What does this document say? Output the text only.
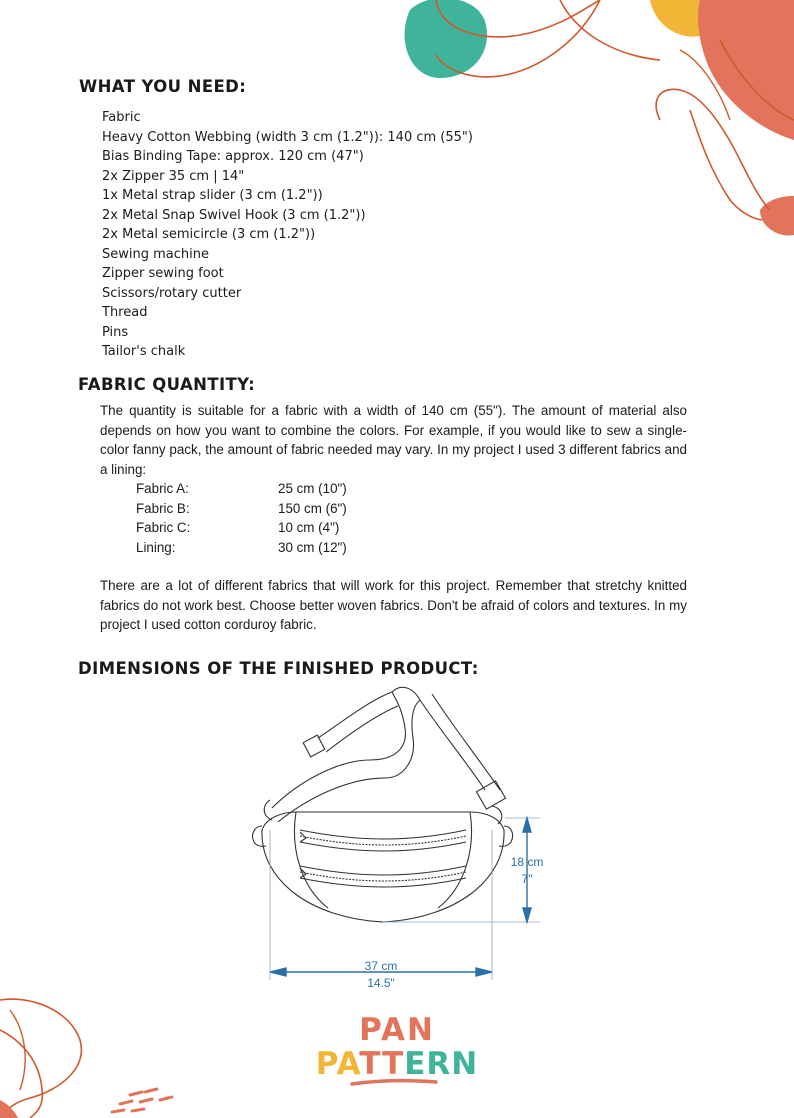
WHAT YOU NEED:
Fabric
Heavy Cotton Webbing (width 3 cm (1.2")): 140 cm (55")
Bias Binding Tape: approx. 120 cm (47")
2x Zipper 35 cm | 14"
1x Metal strap slider (3 cm (1.2"))
2x Metal Snap Swivel Hook (3 cm (1.2"))
2x Metal semicircle (3 cm (1.2"))
Sewing machine
Zipper sewing foot
Scissors/rotary cutter
Thread
Pins
Tailor's chalk
FABRIC QUANTITY:

The quantity is suitable for a fabric with a width of 140 cm (55"). The amount of material also depends on how you want to combine the colors. For example, if you would like to sew a single-color fanny pack, the amount of fabric needed may vary. In my project I used 3 different fabrics and a lining:

Fabric A:	25 cm (10")
Fabric B:	150 cm (6")
Fabric C:	10 cm (4")
Lining:	30 cm (12")

There are a lot of different fabrics that will work for this project. Remember that stretchy knitted fabrics do not work best. Choose better woven fabrics. Don't be afraid of colors and textures. In my project I used cotton corduroy fabric.

DIMENSIONS OF THE FINISHED PRODUCT:
18 cm
7"
37 cm
14.5"
PAN
PATTERN
